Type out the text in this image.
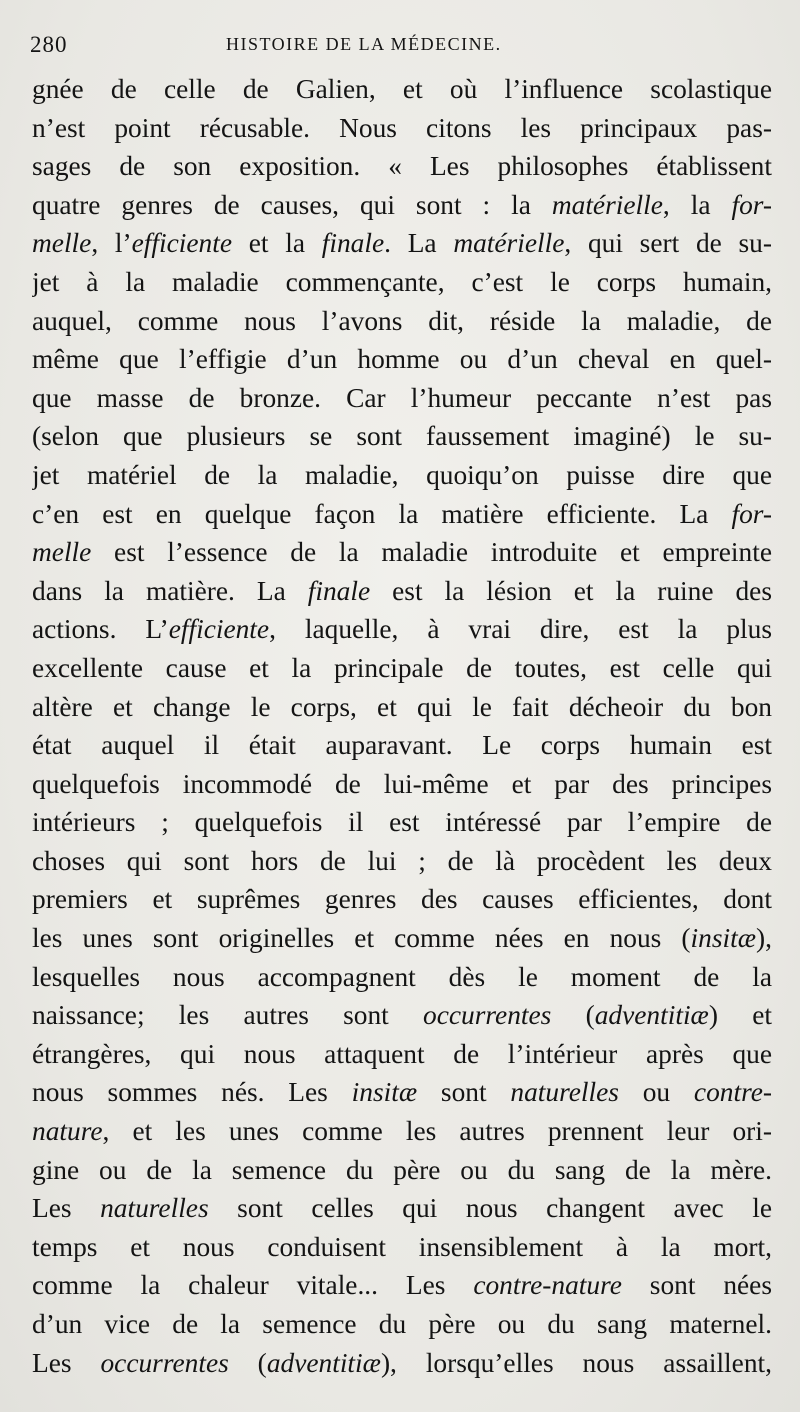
280	HISTOIRE DE LA MÉDECINE.
gnée de celle de Galien, et où l’influence scolastique
n’est point récusable. Nous citons les principaux pas-
sages de son exposition. « Les philosophes établissent
quatre genres de causes, qui sont : la matérielle, la for-
melle, l’efficiente et la finale. La matérielle, qui sert de su-
jet à la maladie commençante, c’est le corps humain,
auquel, comme nous l’avons dit, réside la maladie, de
même que l’effigie d’un homme ou d’un cheval en quel-
que masse de bronze. Car l’humeur peccante n’est pas
(selon que plusieurs se sont faussement imaginé) le su-
jet matériel de la maladie, quoiqu’on puisse dire que
c’en est en quelque façon la matière efficiente. La for-
melle est l’essence de la maladie introduite et empreinte
dans la matière. La finale est la lésion et la ruine des
actions. L’efficiente, laquelle, à vrai dire, est la plus
excellente cause et la principale de toutes, est celle qui
altère et change le corps, et qui le fait décheoir du bon
état auquel il était auparavant. Le corps humain est
quelquefois incommodé de lui-même et par des principes
intérieurs ; quelquefois il est intéressé par l’empire de
choses qui sont hors de lui ; de là procèdent les deux
premiers et suprêmes genres des causes efficientes, dont
les unes sont originelles et comme nées en nous (insitæ),
lesquelles nous accompagnent dès le moment de la
naissance; les autres sont occurrentes (adventitiæ) et
étrangères, qui nous attaquent de l’intérieur après que
nous sommes nés. Les insitæ sont naturelles ou contre-
nature, et les unes comme les autres prennent leur ori-
gine ou de la semence du père ou du sang de la mère.
Les naturelles sont celles qui nous changent avec le
temps et nous conduisent insensiblement à la mort,
comme la chaleur vitale... Les contre-nature sont nées
d’un vice de la semence du père ou du sang maternel.
Les occurrentes (adventitiæ), lorsqu’elles nous assaillent,
